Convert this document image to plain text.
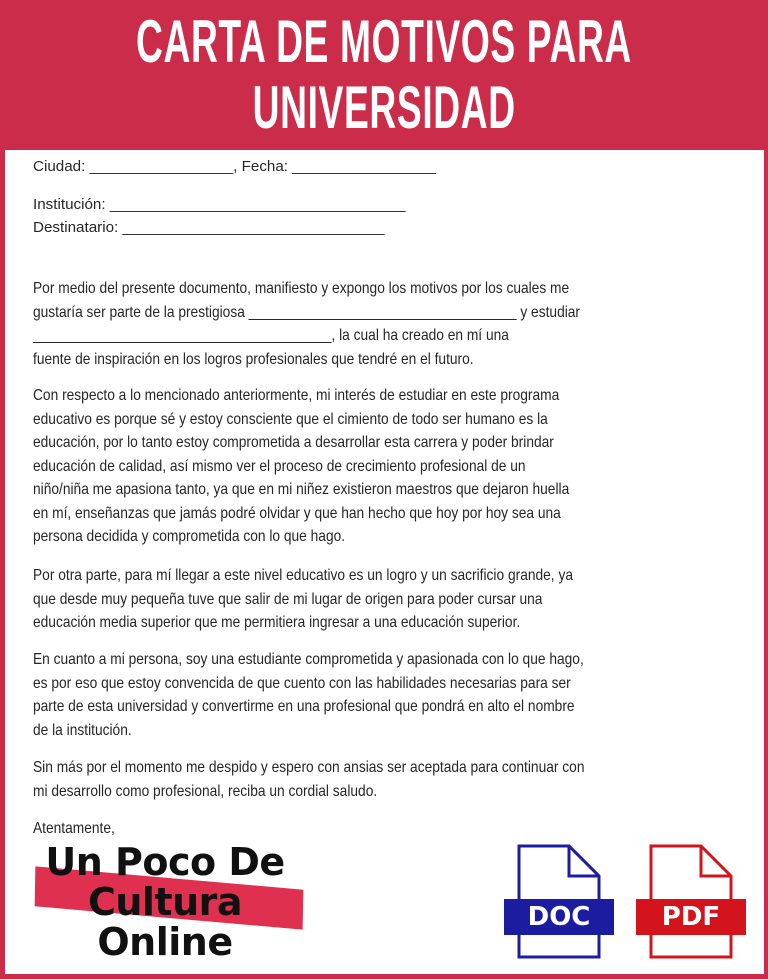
CARTA DE MOTIVOS PARA
UNIVERSIDAD
Ciudad: _________________, Fecha: _________________
Institución: ___________________________________
Destinatario: _______________________________
Por medio del presente documento, manifiesto y expongo los motivos por los cuales me
gustaría ser parte de la prestigiosa ___________________________________ y estudiar
_______________________________________, la cual ha creado en mí una
fuente de inspiración en los logros profesionales que tendré en el futuro.
Con respecto a lo mencionado anteriormente, mi interés de estudiar en este programa
educativo es porque sé y estoy consciente que el cimiento de todo ser humano es la
educación, por lo tanto estoy comprometida a desarrollar esta carrera y poder brindar
educación de calidad, así mismo ver el proceso de crecimiento profesional de un
niño/niña me apasiona tanto, ya que en mi niñez existieron maestros que dejaron huella
en mí, enseñanzas que jamás podré olvidar y que han hecho que hoy por hoy sea una
persona decidida y comprometida con lo que hago.
Por otra parte, para mí llegar a este nivel educativo es un logro y un sacrificio grande, ya
que desde muy pequeña tuve que salir de mi lugar de origen para poder cursar una
educación media superior que me permitiera ingresar a una educación superior.
En cuanto a mi persona, soy una estudiante comprometida y apasionada con lo que hago,
es por eso que estoy convencida de que cuento con las habilidades necesarias para ser
parte de esta universidad y convertirme en una profesional que pondrá en alto el nombre
de la institución.
Sin más por el momento me despido y espero con ansias ser aceptada para continuar con
mi desarrollo como profesional, reciba un cordial saludo.
Atentamente,
Un Poco De
Cultura
Online
DOC	PDF
